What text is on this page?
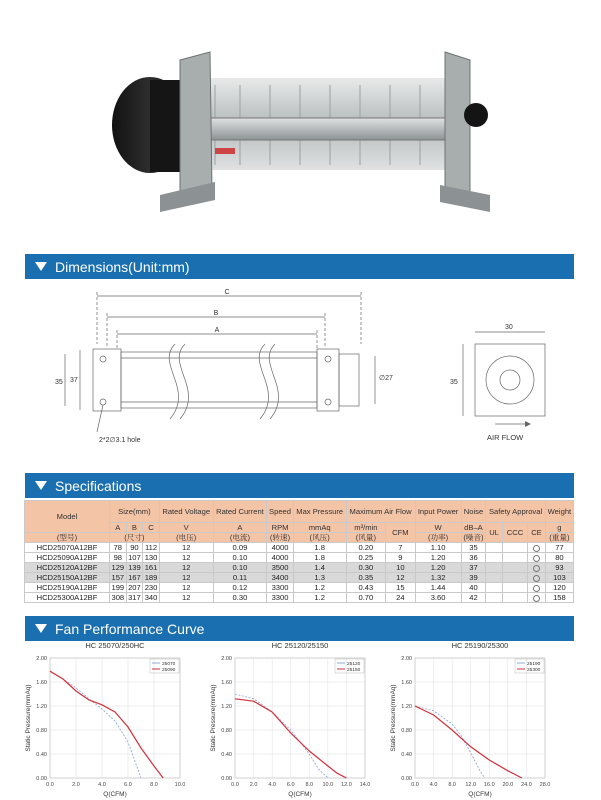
Dimensions(Unit:mm)
C
B
A
35 37	∅27
2*2∅3.1 hole
30
35
AIR FLOW
Specifications
Model	Size(mm)			Rated Voltage	Rated Current	Speed	Max Pressure	Maximum Air Flow		Input Power	Noise	Safety Approval			Weight
	A	B	C	V	A	RPM	mmAq	m³/min	CFM	W	dB–A	UL	CCC	CE	g
(型号)	(尺寸)			(电压)	(电流)	(转速)	(风压)	(风量)		(功率)	(噪音)				(重量)
HCD25070A12BF	78	90	112	12	0.09	4000	1.8	0.20	7	1.10	35				77
HCD25090A12BF	98	107	130	12	0.10	4000	1.8	0.25	9	1.20	36				80
HCD25120A12BF	129	139	161	12	0.10	3500	1.4	0.30	10	1.20	37				93
HCD25150A12BF	157	167	189	12	0.11	3400	1.3	0.35	12	1.32	39				103
HCD25190A12BF	199	207	230	12	0.12	3300	1.2	0.43	15	1.44	40				120
HCD25300A12BF	308	317	340	12	0.30	3300	1.2	0.70	24	3.60	42				158
Fan Performance Curve
HC 25070/250HC
0.0	2.0	4.0	6.0	8.0	10.0
0.00
0.40
0.80
1.20
1.60
2.00
Q(CFM)
Static Pressure(mmAq)
25070
25090
HC 25120/25150
0.0 2.0 4.0 6.0 8.0 10.0 12.0 14.0
0.00
0.40
0.80
1.20
1.60
2.00
Q(CFM)
Static Pressure(mmAq)
25120
25150
HC 25190/25300
0.0 4.0 8.0 12.0 16.0 20.0 24.0 28.0
0.00
0.40
0.80
1.20
1.60
2.00
Q(CFM)
Static Pressure(mmAq)
25190
25300
